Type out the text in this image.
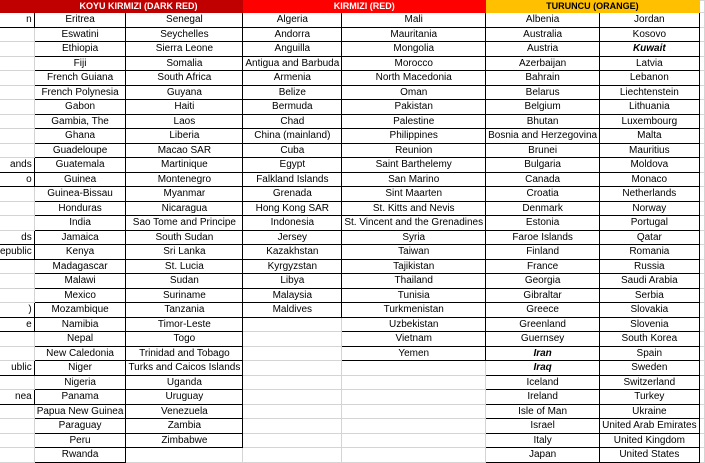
	KOYU KIRMIZI (DARK RED)		KIRMIZI (RED)		TURUNCU (ORANGE)		
n	Eritrea	Senegal	Algeria	Mali	Albenia	Jordan	
	Eswatini	Seychelles	Andorra	Mauritania	Australia	Kosovo	
	Ethiopia	Sierra Leone	Anguilla	Mongolia	Austria	Kuwait	
	Fiji	Somalia	Antigua and Barbuda	Morocco	Azerbaijan	Latvia	
	French Guiana	South Africa	Armenia	North Macedonia	Bahrain	Lebanon	
	French Polynesia	Guyana	Belize	Oman	Belarus	Liechtenstein	
	Gabon	Haiti	Bermuda	Pakistan	Belgium	Lithuania	
	Gambia, The	Laos	Chad	Palestine	Bhutan	Luxembourg	
	Ghana	Liberia	China (mainland)	Philippines	Bosnia and Herzegovina	Malta	
	Guadeloupe	Macao SAR	Cuba	Reunion	Brunei	Mauritius	
ands	Guatemala	Martinique	Egypt	Saint Barthelemy	Bulgaria	Moldova	
o	Guinea	Montenegro	Falkland Islands	San Marino	Canada	Monaco	
	Guinea-Bissau	Myanmar	Grenada	Sint Maarten	Croatia	Netherlands	
	Honduras	Nicaragua	Hong Kong SAR	St. Kitts and Nevis	Denmark	Norway	
	India	Sao Tome and Principe	Indonesia	St. Vincent and the Grenadines	Estonia	Portugal	
ds	Jamaica	South Sudan	Jersey	Syria	Faroe Islands	Qatar	
epublic	Kenya	Sri Lanka	Kazakhstan	Taiwan	Finland	Romania	
	Madagascar	St. Lucia	Kyrgyzstan	Tajikistan	France	Russia	
	Malawi	Sudan	Libya	Thailand	Georgia	Saudi Arabia	
	Mexico	Suriname	Malaysia	Tunisia	Gibraltar	Serbia	
)	Mozambique	Tanzania	Maldives	Turkmenistan	Greece	Slovakia	
e	Namibia	Timor-Leste		Uzbekistan	Greenland	Slovenia	
	Nepal	Togo		Vietnam	Guernsey	South Korea	
	New Caledonia	Trinidad and Tobago		Yemen	Iran	Spain	
ublic	Niger	Turks and Caicos Islands			Iraq	Sweden	
	Nigeria	Uganda			Iceland	Switzerland	
nea	Panama	Uruguay			Ireland	Turkey	
	Papua New Guinea	Venezuela			Isle of Man	Ukraine	
	Paraguay	Zambia			Israel	United Arab Emirates	
	Peru	Zimbabwe			Italy	United Kingdom	
	Rwanda				Japan	United States	
